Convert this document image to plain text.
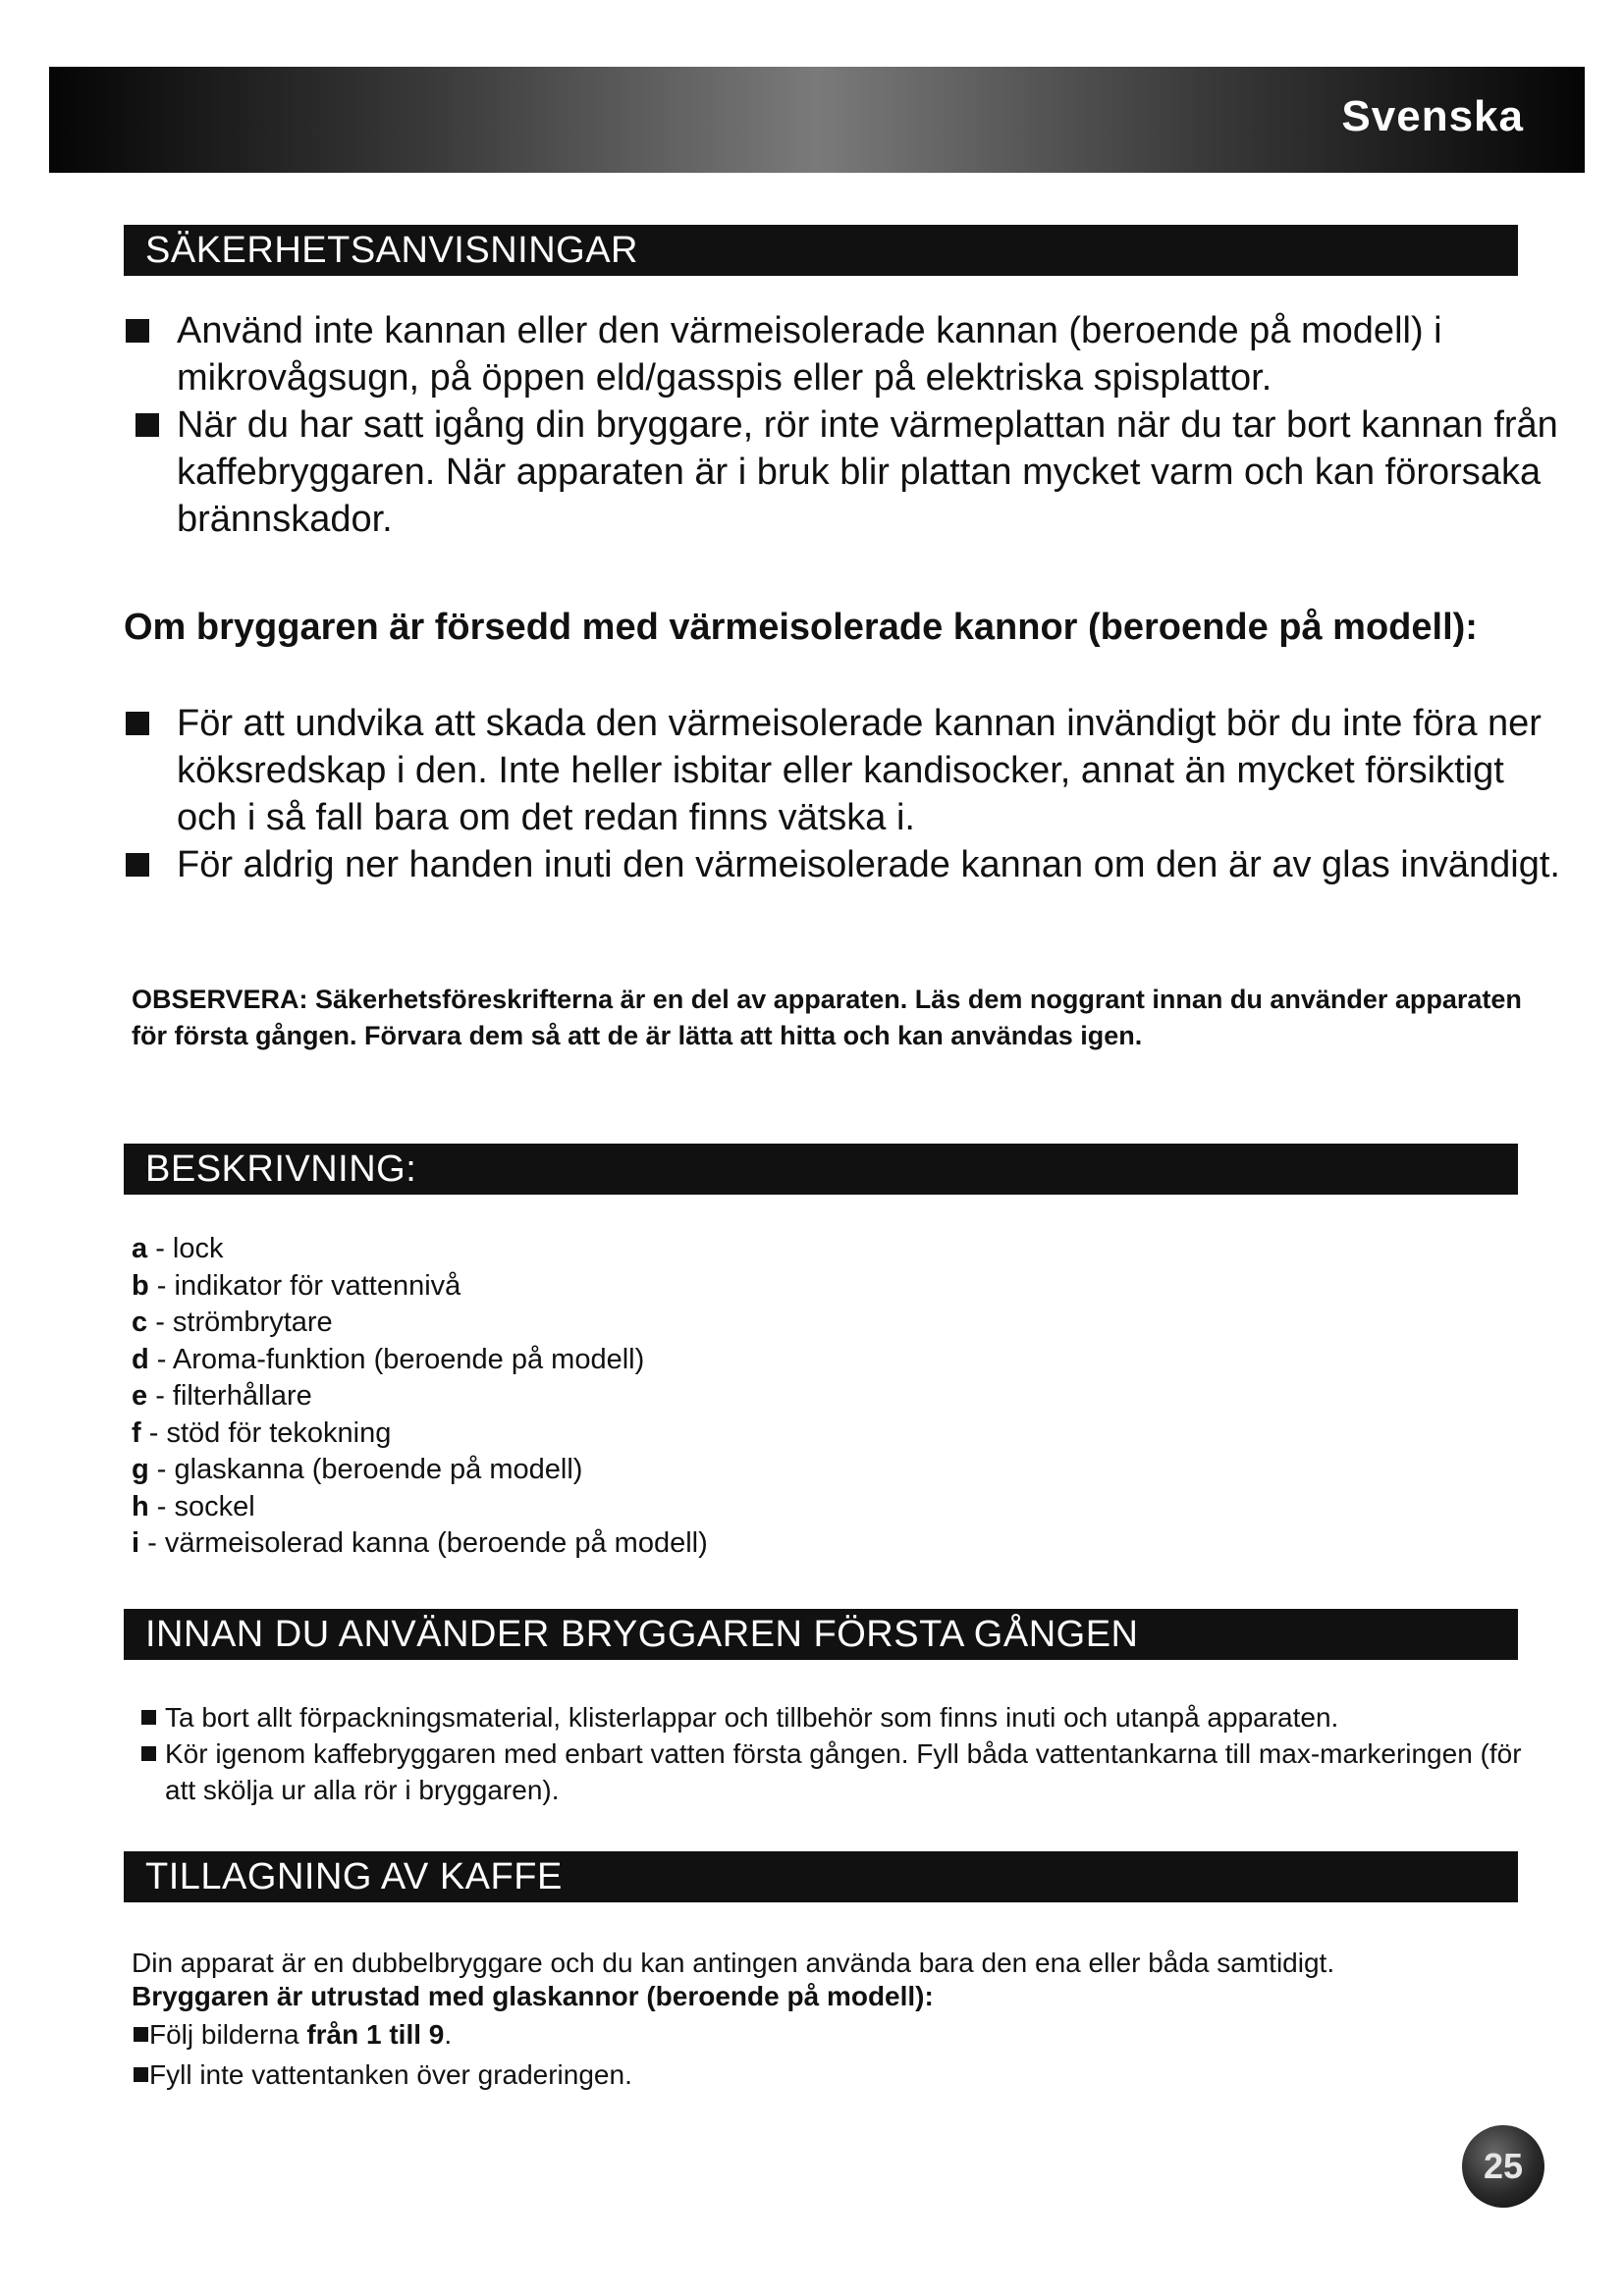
Svenska
SÄKERHETSANVISNINGAR
Använd inte kannan eller den värmeisolerade kannan (beroende på modell) i mikrovågsugn, på öppen eld/gasspis eller på elektriska spisplattor.
När du har satt igång din bryggare, rör inte värmeplattan när du tar bort kannan från kaffebryggaren. När apparaten är i bruk blir plattan mycket varm och kan förorsaka brännskador.
Om bryggaren är försedd med värmeisolerade kannor (beroende på modell):
För att undvika att skada den värmeisolerade kannan invändigt bör du inte föra ner köksredskap i den. Inte heller isbitar eller kandisocker, annat än mycket försiktigt och i så fall bara om det redan finns vätska i.
För aldrig ner handen inuti den värmeisolerade kannan om den är av glas invändigt.
OBSERVERA: Säkerhetsföreskrifterna är en del av apparaten. Läs dem noggrant innan du använder apparaten för första gången. Förvara dem så att de är lätta att hitta och kan användas igen.
BESKRIVNING:
a - lock
b - indikator för vattennivå
c - strömbrytare
d - Aroma-funktion (beroende på modell)
e - filterhållare
f - stöd för tekokning
g - glaskanna (beroende på modell)
h - sockel
i - värmeisolerad kanna (beroende på modell)
INNAN DU ANVÄNDER BRYGGAREN FÖRSTA GÅNGEN
Ta bort allt förpackningsmaterial, klisterlappar och tillbehör som finns inuti och utanpå apparaten.
Kör igenom kaffebryggaren med enbart vatten första gången. Fyll båda vattentankarna till max-markeringen (för att skölja ur alla rör i bryggaren).
TILLAGNING AV KAFFE
Din apparat är en dubbelbryggare och du kan antingen använda bara den ena eller båda samtidigt.
Bryggaren är utrustad med glaskannor (beroende på modell):
Följ bilderna från 1 till 9.
Fyll inte vattentanken över graderingen.
25
